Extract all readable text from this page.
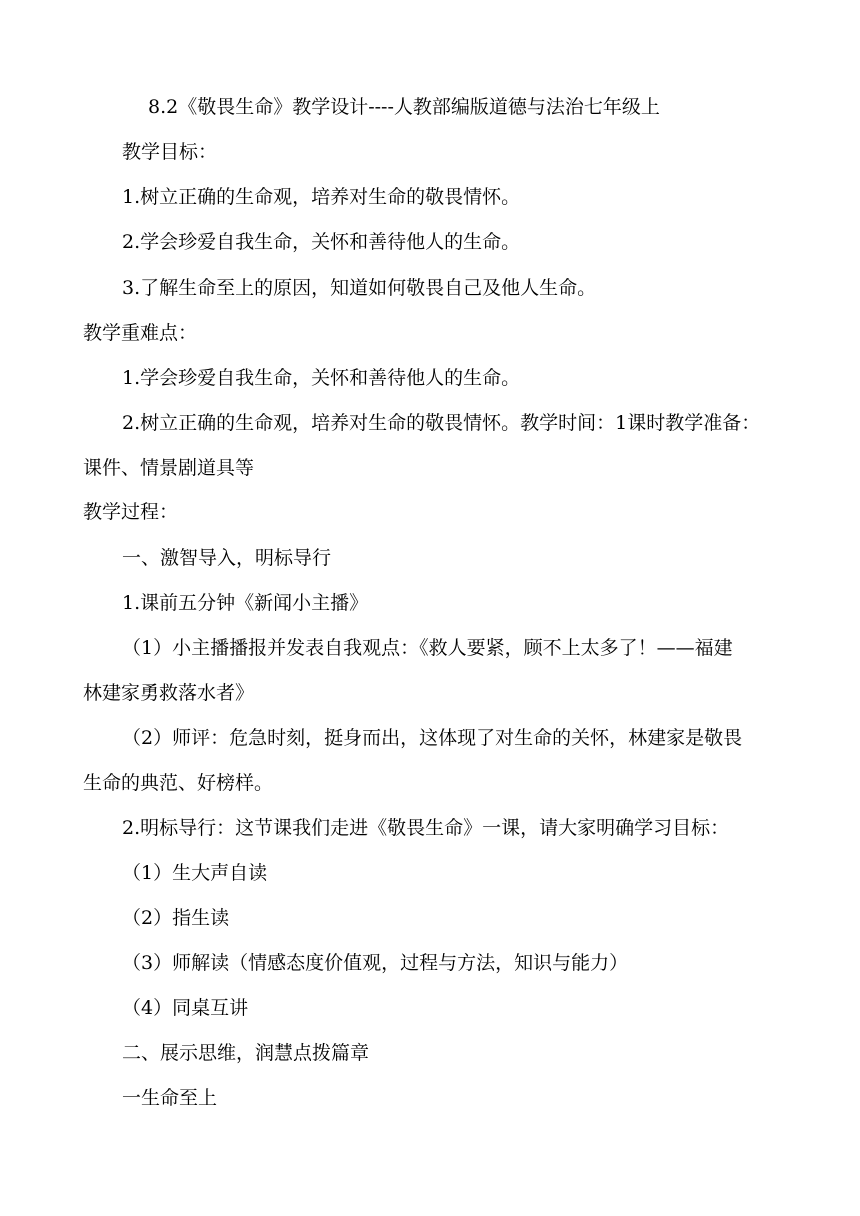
8.2《敬畏生命》教学设计----人教部编版道德与法治七年级上

教学目标：

1.树立正确的生命观，培养对生命的敬畏情怀。

2.学会珍爱自我生命，关怀和善待他人的生命。

3.了解生命至上的原因，知道如何敬畏自己及他人生命。

教学重难点：

1.学会珍爱自我生命，关怀和善待他人的生命。

2.树立正确的生命观，培养对生命的敬畏情怀。教学时间：1课时教学准备：

课件、情景剧道具等

教学过程：

一、激智导入，明标导行

1.课前五分钟《新闻小主播》

（1）小主播播报并发表自我观点：《救人要紧，顾不上太多了！——福建

林建家勇救落水者》

（2）师评：危急时刻，挺身而出，这体现了对生命的关怀，林建家是敬畏

生命的典范、好榜样。

2.明标导行：这节课我们走进《敬畏生命》一课，请大家明确学习目标：

（1）生大声自读

（2）指生读

（3）师解读（情感态度价值观，过程与方法，知识与能力）

（4）同桌互讲

二、展示思维，润慧点拨篇章

一生命至上
